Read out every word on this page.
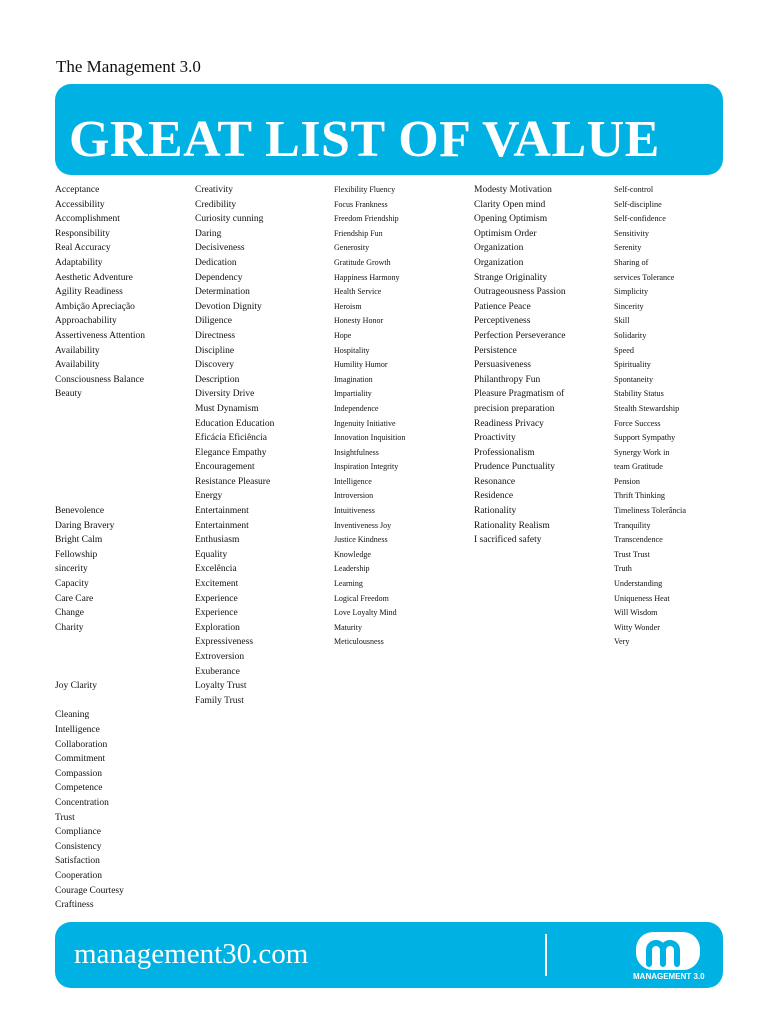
The Management 3.0
GREAT LIST OF VALUE
Acceptance
Accessibility
Accomplishment
Responsibility
Real Accuracy
Adaptability
Aesthetic Adventure
Agility Readiness
Ambição Apreciação
Approachability
Assertiveness Attention
Availability
Availability
Consciousness Balance
Beauty
Benevolence
Daring Bravery
Bright Calm
Fellowship
sincerity
Capacity
Care Care
Change
Charity
Joy Clarity
Cleaning
Intelligence
Collaboration
Commitment
Compassion
Competence
Concentration
Trust
Compliance
Consistency
Satisfaction
Cooperation
Courage Courtesy
Craftiness
Creativity
Credibility
Curiosity cunning
Daring
Decisiveness
Dedication
Dependency
Determination
Devotion Dignity
Diligence
Directness
Discipline
Discovery
Description
Diversity Drive
Must Dynamism
Education Education
Eficácia Eficiência
Elegance Empathy
Encouragement
Resistance Pleasure
Energy
Entertainment
Entertainment
Enthusiasm
Equality
Excelência
Excitement
Experience
Experience
Exploration
Expressiveness
Extroversion
Exuberance
Loyalty Trust
Family Trust
Flexibility Fluency
Focus Frankness
Freedom Friendship
Friendship Fun
Generosity
Gratitude Growth
Happiness Harmony
Health Service
Heroism
Honesty Honor
Hope
Hospitality
Humility Humor
Imagination
Impartiality
Independence
Ingenuity Initiative
Innovation Inquisition
Insightfulness
Inspiration Integrity
Intelligence
Introversion
Intuitiveness
Inventiveness Joy
Justice Kindness
Knowledge
Leadership
Learning
Logical Freedom
Love Loyalty Mind
Maturity
Meticulousness
Modesty Motivation
Clarity Open mind
Opening Optimism
Optimism Order
Organization
Organization
Strange Originality
Outrageousness Passion
Patience Peace
Perceptiveness
Perfection Perseverance
Persistence
Persuasiveness
Philanthropy Fun
Pleasure Pragmatism of
precision preparation
Readiness Privacy
Proactivity
Professionalism
Prudence Punctuality
Resonance
Residence
Rationality
Rationality Realism
I sacrificed safety
Self-control
Self-discipline
Self-confidence
Sensitivity
Serenity
Sharing of
services Tolerance
Simplicity
Sincerity
Skill
Solidarity
Speed
Spirituality
Spontaneity
Stability Status
Stealth Stewardship
Force Success
Support Sympathy
Synergy Work in
team Gratitude
Pension
Thrift Thinking
Timeliness Tolerância
Tranquility
Transcendence
Trust Trust
Truth
Understanding
Uniqueness Heat
Will Wisdom
Witty Wonder
Very
management30.com
MANAGEMENT 3.0
